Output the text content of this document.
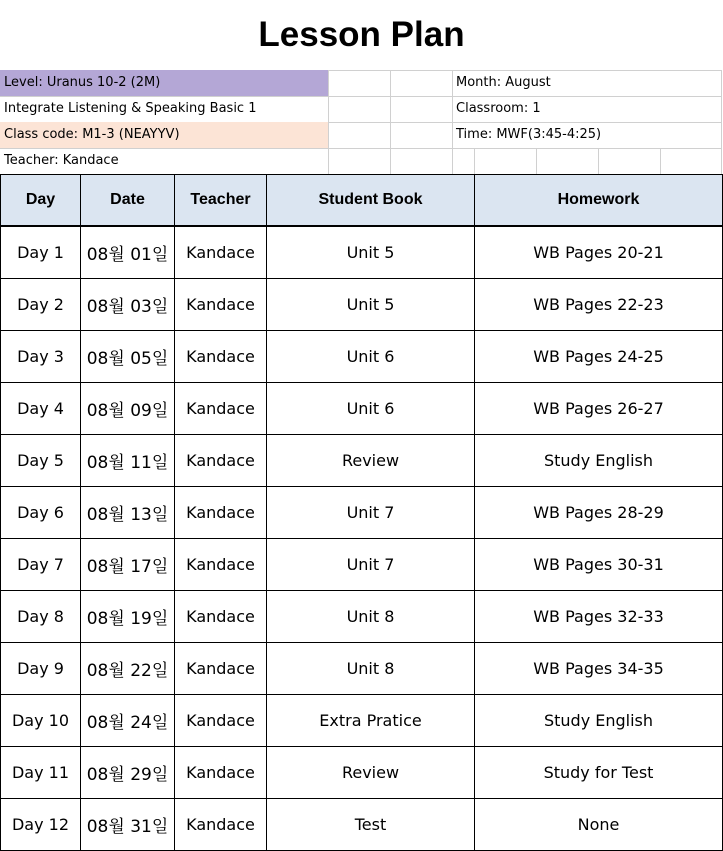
Lesson Plan
Level: Uranus 10-2 (2M)
Integrate Listening & Speaking Basic 1
Class code: M1-3 (NEAYYV)
Teacher: Kandace
Month: August
Classroom: 1
Time: MWF(3:45-4:25)
Day	Date	Teacher	Student Book	Homework
Day 1	08월 01일	Kandace	Unit 5	WB Pages 20-21
Day 2	08월 03일	Kandace	Unit 5	WB Pages 22-23
Day 3	08월 05일	Kandace	Unit 6	WB Pages 24-25
Day 4	08월 09일	Kandace	Unit 6	WB Pages 26-27
Day 5	08월 11일	Kandace	Review	Study English
Day 6	08월 13일	Kandace	Unit 7	WB Pages 28-29
Day 7	08월 17일	Kandace	Unit 7	WB Pages 30-31
Day 8	08월 19일	Kandace	Unit 8	WB Pages 32-33
Day 9	08월 22일	Kandace	Unit 8	WB Pages 34-35
Day 10	08월 24일	Kandace	Extra Pratice	Study English
Day 11	08월 29일	Kandace	Review	Study for Test
Day 12	08월 31일	Kandace	Test	None
